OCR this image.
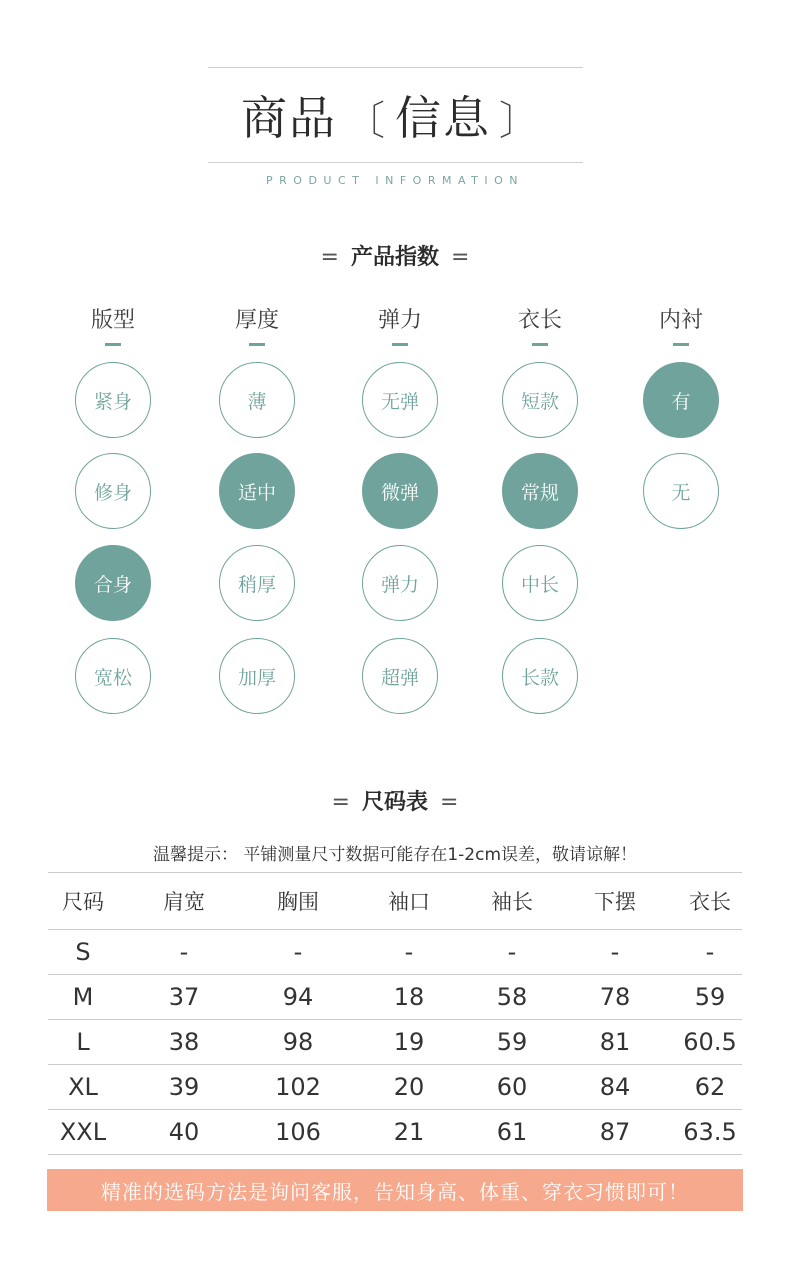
商品 〔 信息 〕
PRODUCT INFORMATION
= 产品指数 =
版型
紧身
修身
合身
宽松
厚度
薄
适中
稍厚
加厚
弹力
无弹
微弹
弹力
超弹
衣长
短款
常规
中长
长款
内衬
有
无
= 尺码表 =
温馨提示： 平铺测量尺寸数据可能存在1-2cm误差，敬请谅解！
尺码	肩宽	胸围	袖口	袖长	下摆	衣长
S	-	-	-	-	-	-
M	37	94	18	58	78	59
L	38	98	19	59	81	60.5
XL	39	102	20	60	84	62
XXL	40	106	21	61	87	63.5
精准的选码方法是询问客服，告知身高、体重、穿衣习惯即可！
